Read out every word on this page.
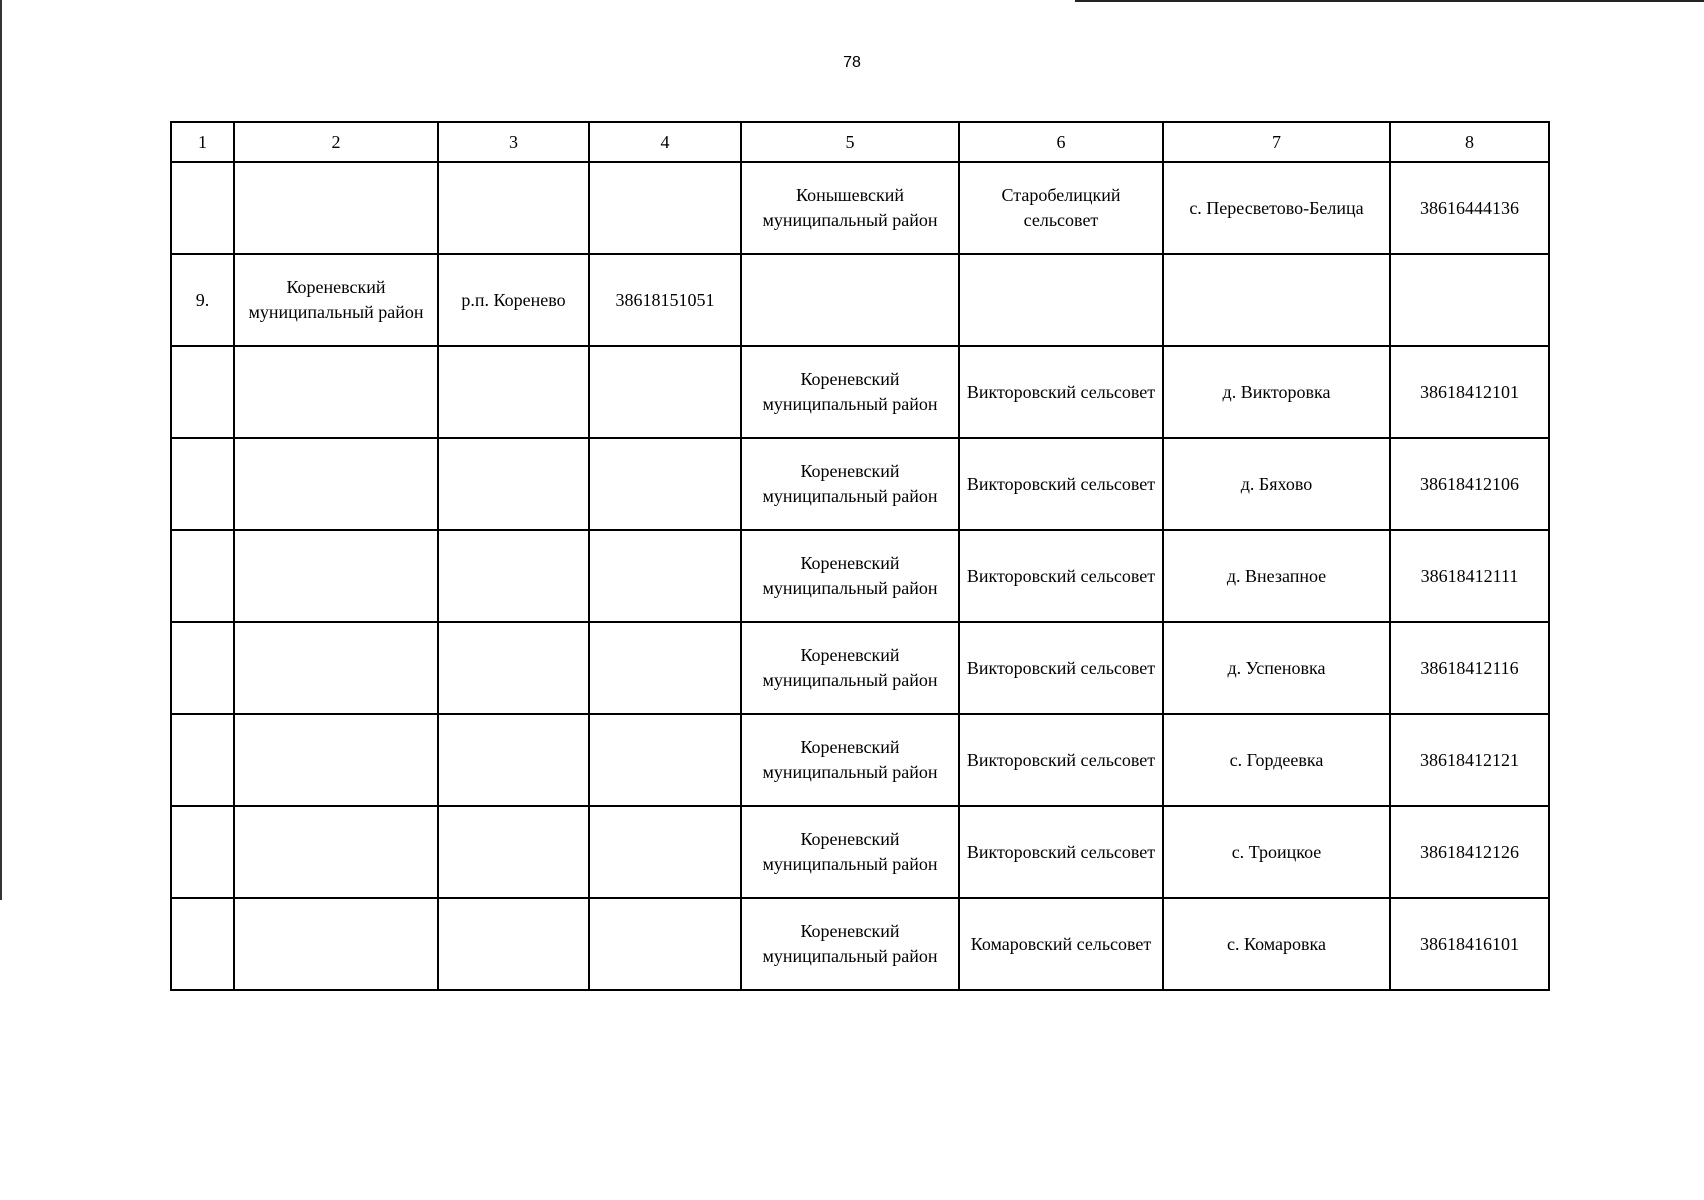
78
1	2	3	4	5	6	7	8
				Конышевский муниципальный район	Старобелицкий сельсовет	с. Пересветово-Белица	38616444136
9.	Кореневский муниципальный район	р.п. Коренево	38618151051				
				Кореневский муниципальный район	Викторовский сельсовет	д. Викторовка	38618412101
				Кореневский муниципальный район	Викторовский сельсовет	д. Бяхово	38618412106
				Кореневский муниципальный район	Викторовский сельсовет	д. Внезапное	38618412111
				Кореневский муниципальный район	Викторовский сельсовет	д. Успеновка	38618412116
				Кореневский муниципальный район	Викторовский сельсовет	с. Гордеевка	38618412121
				Кореневский муниципальный район	Викторовский сельсовет	с. Троицкое	38618412126
				Кореневский муниципальный район	Комаровский сельсовет	с. Комаровка	38618416101
